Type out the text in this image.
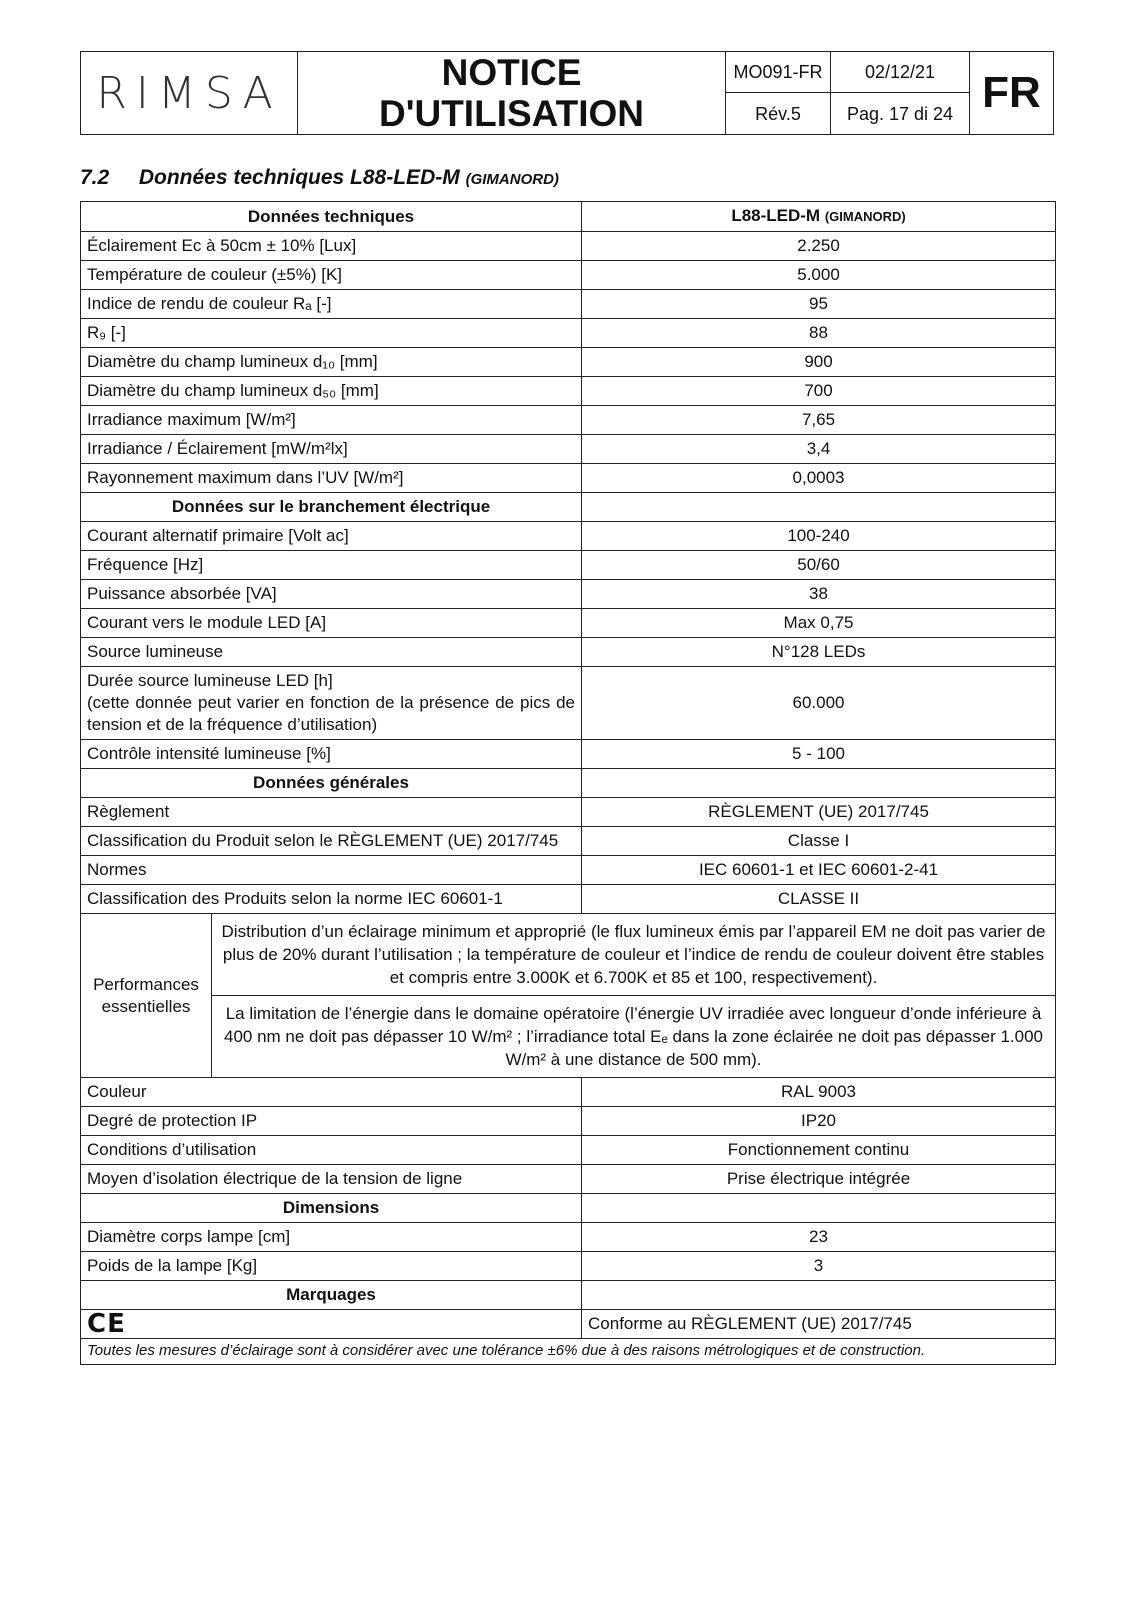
RIMSA	NOTICE
D'UTILISATION
MO091-FR	02/12/21
Rév.5	Pag. 17 di 24 FR
7.2 Données techniques L88-LED-M (GIMANORD)
Données techniques		L88-LED-M (GIMANORD)
Éclairement Ec à 50cm ± 10% [Lux]		2.250
Température de couleur (±5%) [K]		5.000
Indice de rendu de couleur Rₐ [-]		95
R₉ [-]		88
Diamètre du champ lumineux d₁₀ [mm]		900
Diamètre du champ lumineux d₅₀ [mm]		700
Irradiance maximum [W/m²]		7,65
Irradiance / Éclairement [mW/m²lx]		3,4
Rayonnement maximum dans l’UV [W/m²]		0,0003
Données sur le branchement électrique		
Courant alternatif primaire [Volt ac]		100-240
Fréquence [Hz]		50/60
Puissance absorbée [VA]		38
Courant vers le module LED [A]		Max 0,75
Source lumineuse		N°128 LEDs

Durée source lumineuse LED [h]
(cette donnée peut varier en fonction de la présence de pics de tension et de la fréquence d’utilisation)		60.000
Contrôle intensité lumineuse [%]		5 - 100
Données générales		
Règlement		RÈGLEMENT (UE) 2017/745
Classification du Produit selon le RÈGLEMENT (UE) 2017/745		Classe I
Normes		IEC 60601-1 et IEC 60601-2-41
Classification des Produits selon la norme IEC 60601-1		CLASSE II
Performances essentielles	Distribution d’un éclairage minimum et approprié (le flux lumineux émis par l’appareil EM ne doit pas varier de plus de 20% durant l’utilisation ; la température de couleur et l’indice de rendu de couleur doivent être stables et compris entre 3.000K et 6.700K et 85 et 100, respectivement).	
	La limitation de l’énergie dans le domaine opératoire (l’énergie UV irradiée avec longueur d’onde inférieure à 400 nm ne doit pas dépasser 10 W/m² ; l’irradiance total Eₑ dans la zone éclairée ne doit pas dépasser 1.000 W/m² à une distance de 500 mm).	
Couleur		RAL 9003
Degré de protection IP		IP20
Conditions d’utilisation		Fonctionnement continu
Moyen d’isolation électrique de la tension de ligne		Prise électrique intégrée
Dimensions		
Diamètre corps lampe [cm]		23
Poids de la lampe [Kg]		3
Marquages		
CE		Conforme au RÈGLEMENT (UE) 2017/745
Toutes les mesures d’éclairage sont à considérer avec une tolérance ±6% due à des raisons métrologiques et de construction.		
